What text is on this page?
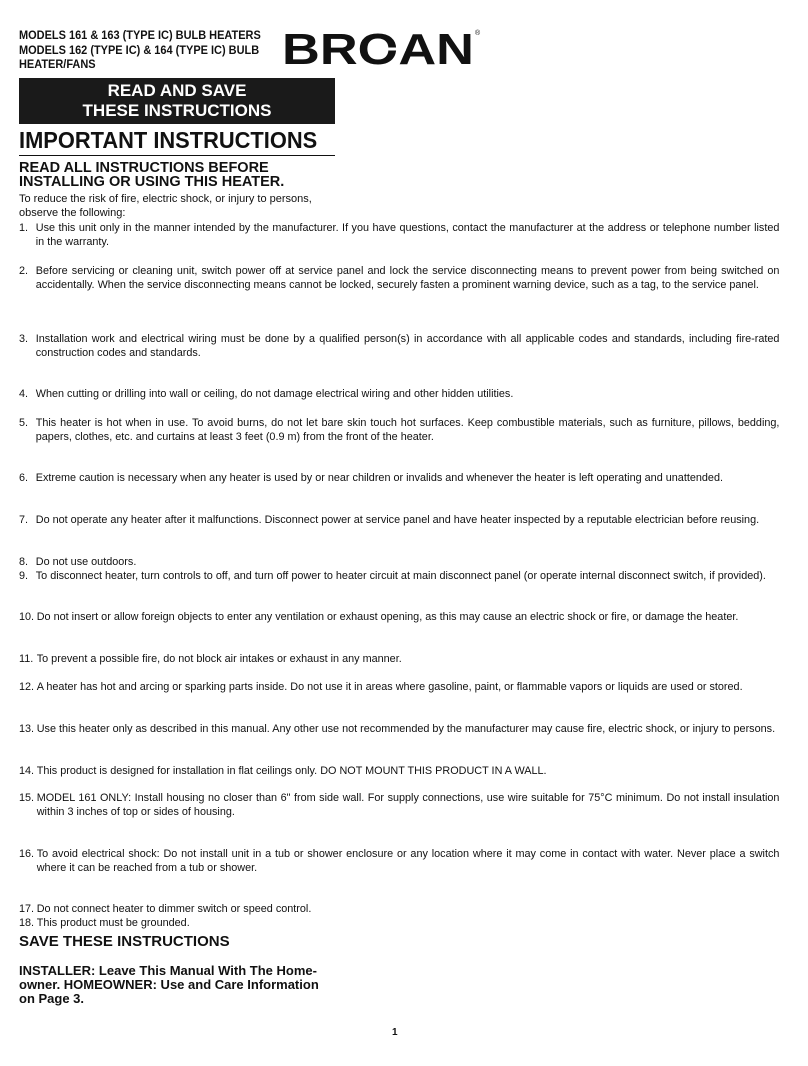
MODELS 161 & 163 (TYPE IC) BULB HEATERS
MODELS 162 (TYPE IC) & 164 (TYPE IC) BULB
HEATER/FANS	BROAN ®
READ AND SAVE
THESE INSTRUCTIONS
IMPORTANT INSTRUCTIONS
READ ALL INSTRUCTIONS BEFORE
INSTALLING OR USING THIS HEATER.
To reduce the risk of fire, electric shock, or injury to persons,
observe the following:
1. Use this unit only in the manner intended by the manufacturer. If you have questions, contact the manufacturer at the address or telephone number listed in the warranty.
2. Before servicing or cleaning unit, switch power off at service panel and lock the service disconnecting means to prevent power from being switched on accidentally. When the service disconnecting means cannot be locked, securely fasten a prominent warning device, such as a tag, to the service panel.
3. Installation work and electrical wiring must be done by a qualified person(s) in accordance with all applicable codes and standards, including fire-rated construction codes and standards.
4. When cutting or drilling into wall or ceiling, do not damage electrical wiring and other hidden utilities.
5. This heater is hot when in use. To avoid burns, do not let bare skin touch hot surfaces. Keep combustible materials, such as furniture, pillows, bedding, papers, clothes, etc. and curtains at least 3 feet (0.9 m) from the front of the heater.
6. Extreme caution is necessary when any heater is used by or near children or invalids and whenever the heater is left operating and unattended.
7. Do not operate any heater after it malfunctions. Disconnect power at service panel and have heater inspected by a reputable electrician before reusing.
8. Do not use outdoors.
9. To disconnect heater, turn controls to off, and turn off power to heater circuit at main disconnect panel (or operate internal disconnect switch, if provided).
10. Do not insert or allow foreign objects to enter any ventilation or exhaust opening, as this may cause an electric shock or fire, or damage the heater.
11. To prevent a possible fire, do not block air intakes or exhaust in any manner.
12. A heater has hot and arcing or sparking parts inside. Do not use it in areas where gasoline, paint, or flammable vapors or liquids are used or stored.
13. Use this heater only as described in this manual. Any other use not recommended by the manufacturer may cause fire, electric shock, or injury to persons.
14. This product is designed for installation in flat ceilings only. DO NOT MOUNT THIS PRODUCT IN A WALL.
15. MODEL 161 ONLY: Install housing no closer than 6" from side wall. For supply connections, use wire suitable for 75°C minimum. Do not install insulation within 3 inches of top or sides of housing.
16. To avoid electrical shock: Do not install unit in a tub or shower enclosure or any location where it may come in contact with water. Never place a switch where it can be reached from a tub or shower.
17. Do not connect heater to dimmer switch or speed control.
18. This product must be grounded.
SAVE THESE INSTRUCTIONS
INSTALLER: Leave This Manual With The Home-
owner. HOMEOWNER: Use and Care Information
on Page 3.
1
